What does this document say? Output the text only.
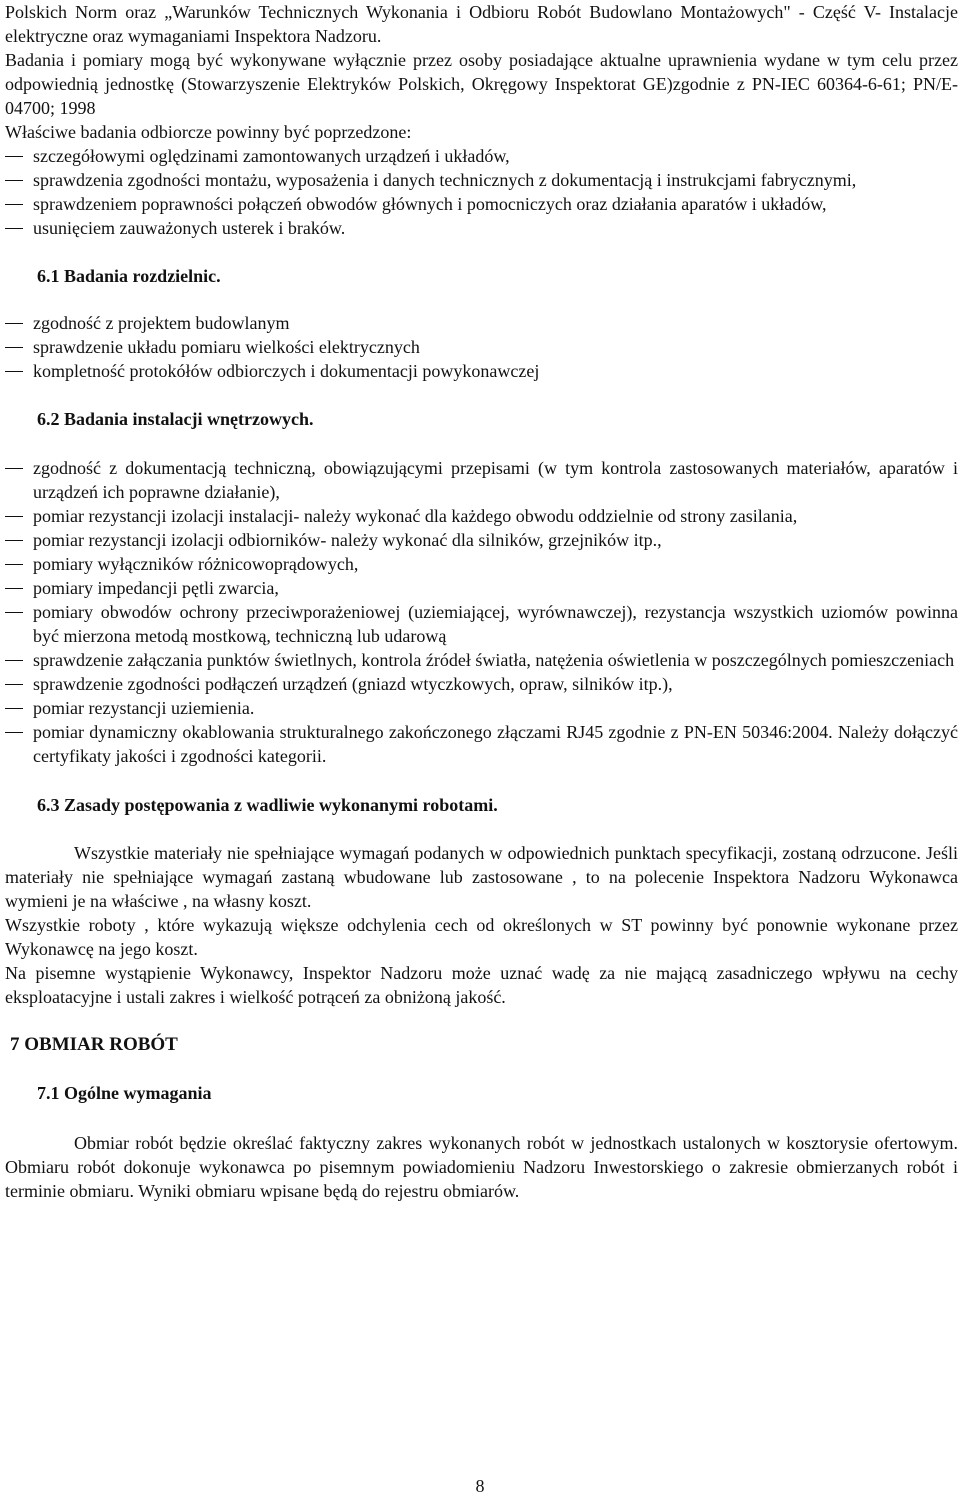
Polskich Norm oraz „Warunków Technicznych Wykonania i Odbioru Robót Budowlano Montażowych" - Część V- Instalacje elektryczne oraz wymaganiami Inspektora Nadzoru.

Badania i pomiary mogą być wykonywane wyłącznie przez osoby posiadające aktualne uprawnienia wydane w tym celu przez odpowiednią jednostkę (Stowarzyszenie Elektryków Polskich, Okręgowy Inspektorat GE)zgodnie z PN-IEC 60364-6-61; PN/E-04700; 1998

Właściwe badania odbiorcze powinny być poprzedzone:

szczegółowymi oględzinami zamontowanych urządzeń i układów,
sprawdzenia zgodności montażu, wyposażenia i danych technicznych z dokumentacją i instrukcjami fabrycznymi,
sprawdzeniem poprawności połączeń obwodów głównych i pomocniczych oraz działania aparatów i układów,
usunięciem zauważonych usterek i braków.
6.1 Badania rozdzielnic.
zgodność z projektem budowlanym
sprawdzenie układu pomiaru wielkości elektrycznych
kompletność protokółów odbiorczych i dokumentacji powykonawczej
6.2 Badania instalacji wnętrzowych.
zgodność z dokumentacją techniczną, obowiązującymi przepisami (w tym kontrola zastosowanych materiałów, aparatów i urządzeń ich poprawne działanie),
pomiar rezystancji izolacji instalacji- należy wykonać dla każdego obwodu oddzielnie od strony zasilania,
pomiar rezystancji izolacji odbiorników- należy wykonać dla silników, grzejników itp.,
pomiary wyłączników różnicowoprądowych,
pomiary impedancji pętli zwarcia,
pomiary obwodów ochrony przeciwporażeniowej (uziemiającej, wyrównawczej), rezystancja wszystkich uziomów powinna być mierzona metodą mostkową, techniczną lub udarową
sprawdzenie załączania punktów świetlnych, kontrola źródeł światła, natężenia oświetlenia w poszczególnych pomieszczeniach
sprawdzenie zgodności podłączeń urządzeń (gniazd wtyczkowych, opraw, silników itp.),
pomiar rezystancji uziemienia.
pomiar dynamiczny okablowania strukturalnego zakończonego złączami RJ45 zgodnie z PN-EN 50346:2004. Należy dołączyć certyfikaty jakości i zgodności kategorii.
6.3 Zasady postępowania z wadliwie wykonanymi robotami.

Wszystkie materiały nie spełniające wymagań podanych w odpowiednich punktach specyfikacji, zostaną odrzucone. Jeśli materiały nie spełniające wymagań zastaną wbudowane lub zastosowane , to na polecenie Inspektora Nadzoru Wykonawca wymieni je na właściwe , na własny koszt.

Wszystkie roboty , które wykazują większe odchylenia cech od określonych w ST powinny być ponownie wykonane przez Wykonawcę na jego koszt.

Na pisemne wystąpienie Wykonawcy, Inspektor Nadzoru może uznać wadę za nie mającą zasadniczego wpływu na cechy eksploatacyjne i ustali zakres i wielkość potrąceń za obniżoną jakość.

7 OBMIAR ROBÓT
7.1 Ogólne wymagania

Obmiar robót będzie określać faktyczny zakres wykonanych robót w jednostkach ustalonych w kosztorysie ofertowym. Obmiaru robót dokonuje wykonawca po pisemnym powiadomieniu Nadzoru Inwestorskiego o zakresie obmierzanych robót i terminie obmiaru. Wyniki obmiaru wpisane będą do rejestru obmiarów.

8
